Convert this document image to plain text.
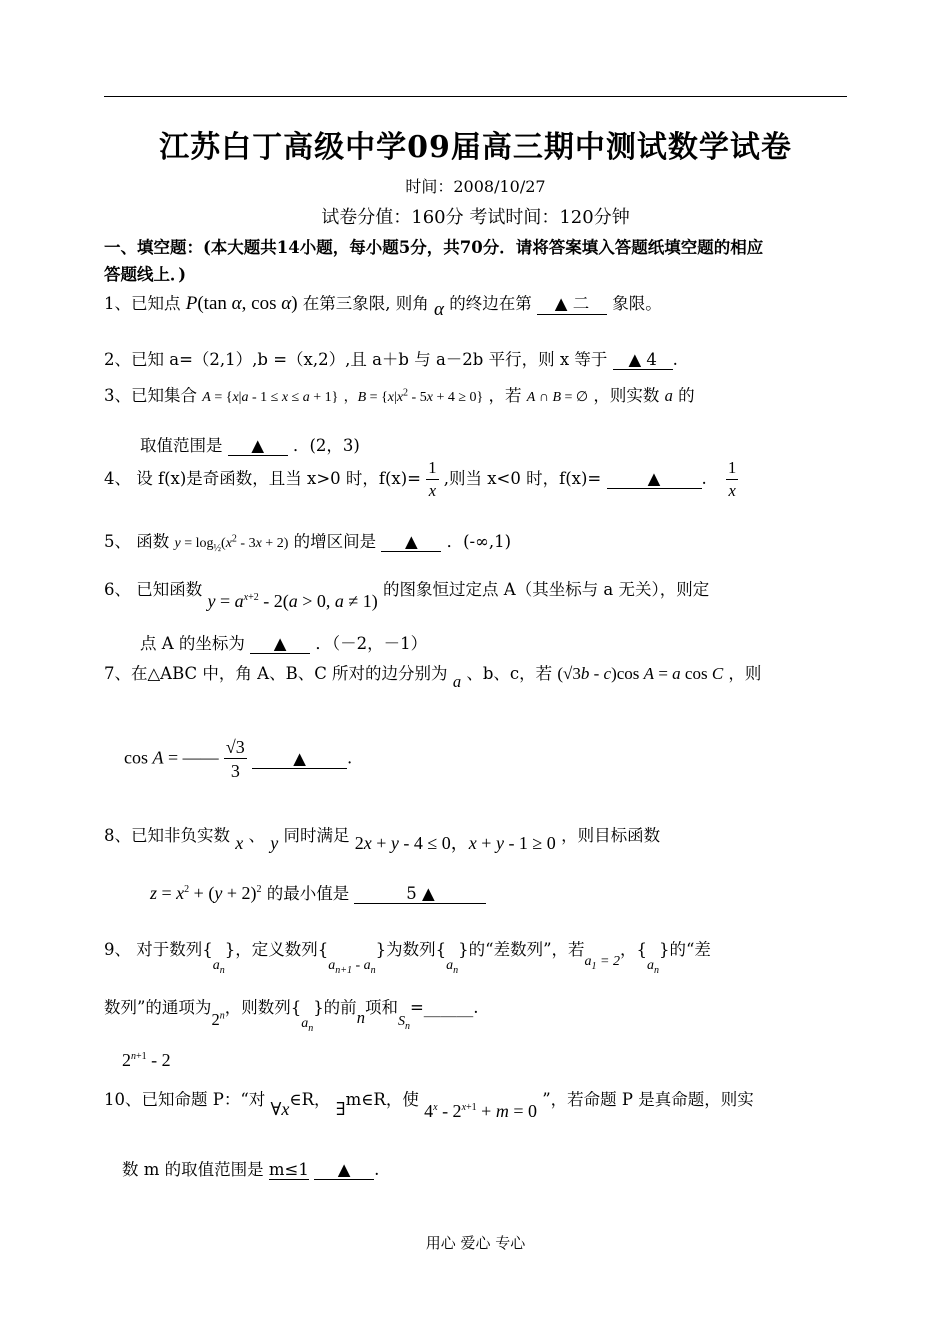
江苏白丁高级中学09届高三期中测试数学试卷
时间：2008/10/27
试卷分值：160分 考试时间：120分钟
一、填空题：(本大题共14小题，每小题5分，共70分．请将答案填入答题纸填空题的相应
答题线上．)
1、已知点 P(tan α, cos α) 在第三象限, 则角 α 的终边在第 ▲ 二 象限。
2、已知 a=（2,1）,b =（x,2）,且 a＋b 与 a－2b 平行，则 x 等于 ▲ 4 .
3、已知集合 A = {x|a - 1 ≤ x ≤ a + 1} ，$B = \{x|x^2 - 5x + 4 \ge 0\}$ ，若 A ∩ B = ∅ ，则实数 a 的
取值范围是 ▲ ．(2，3)
4、 设 f(x)是奇函数，且当 x>0 时，$f(x)= \frac{1}{x}$ ,则当 x<0 时，f(x)=	▲ . $\frac{1}{x}$
5、 函数 $y = \log_{\frac{1}{2}}(x^2 - 3x + 2)$ 的增区间是 ▲ ．(-∞,1)
6、 已知函数 $y = a^{x+2} - 2(a > 0$, a ≠ 1) 的图象恒过定点 A（其坐标与 a 无关），则定
点 A 的坐标为 ▲ ．（－2，－1）
7、在△ABC 中，角 A、B、C 所对的边分别为 a 、b、c，若 (√3b - c)cos A = a cos C ，则
cos A = —— $\frac{√3}{3}$	▲ .
8、已知非负实数 x 、 y 同时满足 2x + y - 4 ≤ 0，x + y - 1 ≥ 0 ，则目标函数
$z = x^2 + (y + 2)^2$ 的最小值是	5 ▲
9、 对于数列$\{_{a_n}\}$，定义数列$\{_{a_{n+1} - a_n}\}$为数列$\{_{a_n}\}$的“差数列”，若$_{a_1 = 2}$，$\{_{a_n}\}$的“差
数列”的通项为2$^n$，则数列$\{_{a_n}\}$的前n项和$_{S_n}$=______.
$2^{n+1} - 2$
10、已知命题 P：“对 ∀x∈R， ∃m∈R，使 $4^x - 2^{x+1} + m = 0$ ”，若命题 P 是真命题，则实
数 m 的取值范围是 m≤1 ▲ .
用心 爱心 专心
